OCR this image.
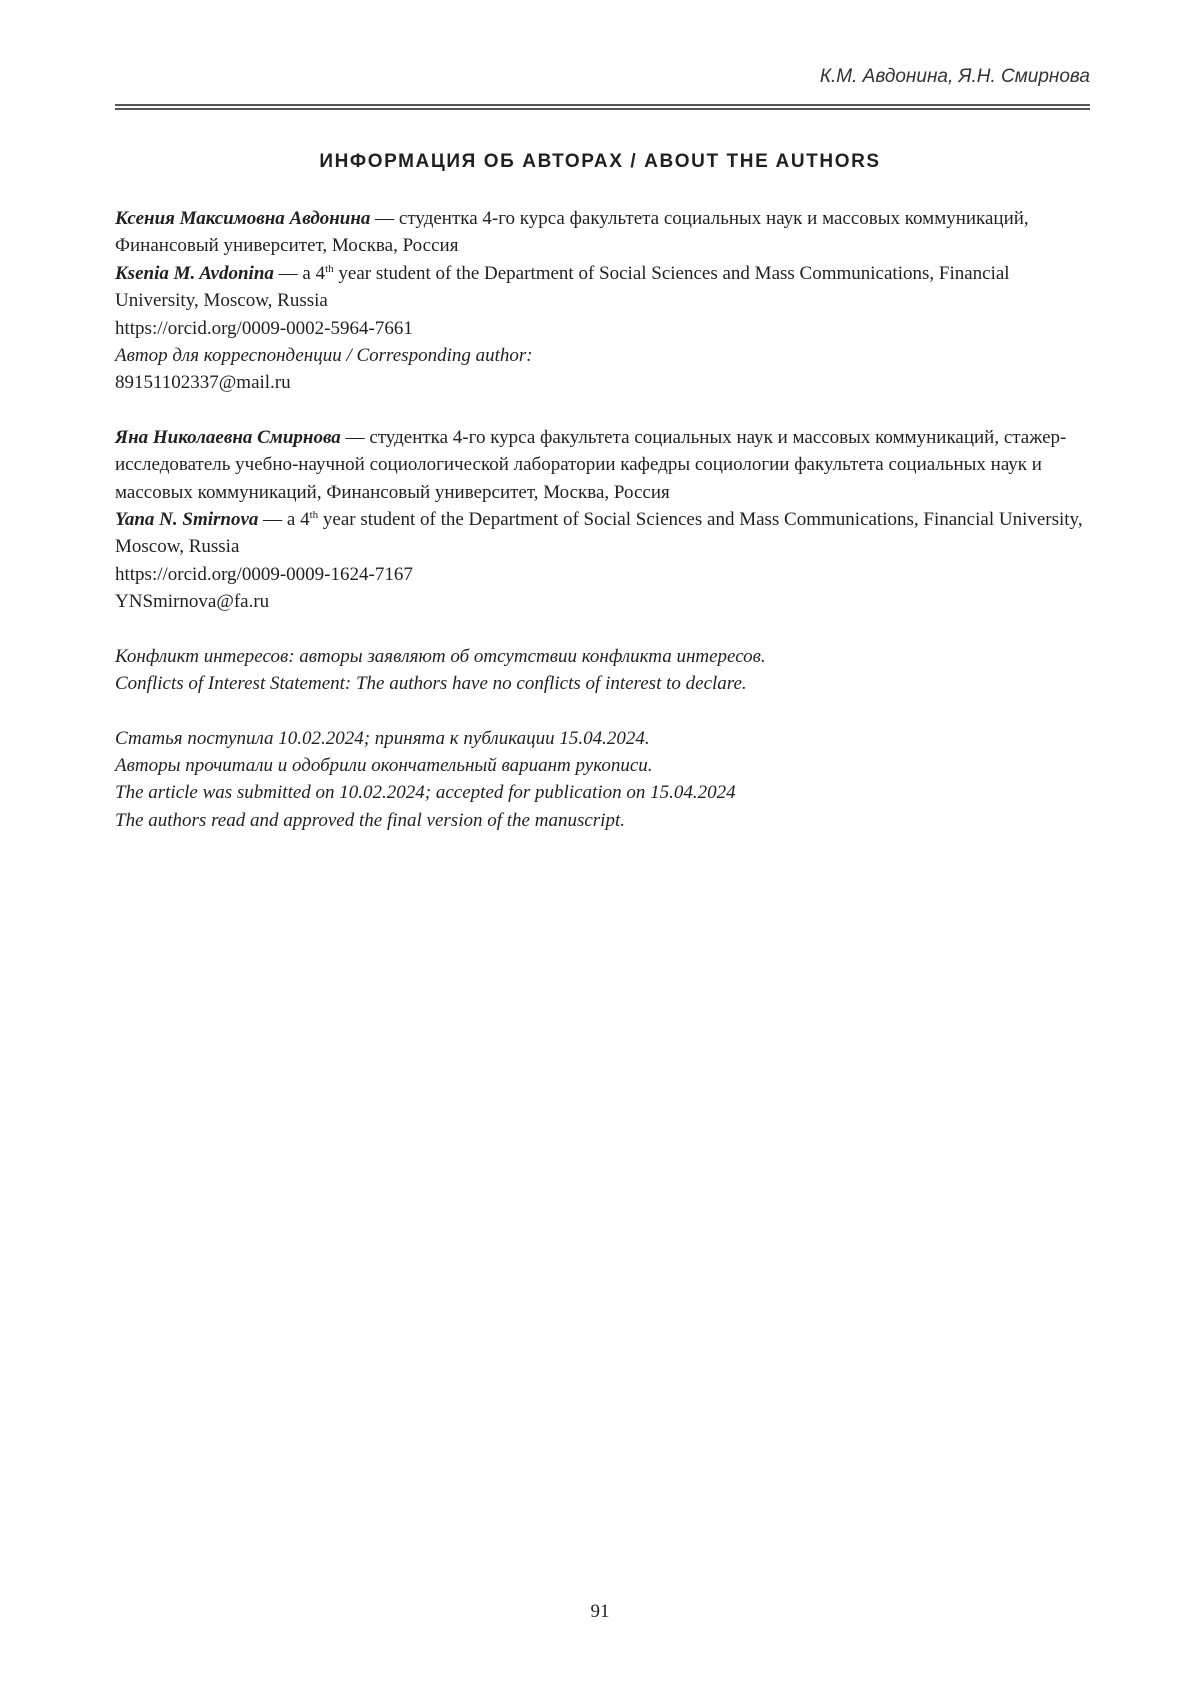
К.М. Авдонина, Я.Н. Смирнова
ИНФОРМАЦИЯ ОБ АВТОРАХ / ABOUT THE AUTHORS

Ксения Максимовна Авдонина — студентка 4-го курса факультета социальных наук и массовых коммуникаций, Финансовый университет, Москва, Россия

Ksenia M. Avdonina — a 4th year student of the Department of Social Sciences and Mass Communications, Financial University, Moscow, Russia

https://orcid.org/0009-0002-5964-7661

Автор для корреспонденции / Corresponding author:

89151102337@mail.ru

Яна Николаевна Смирнова — студентка 4-го курса факультета социальных наук и массовых коммуникаций, стажер-исследователь учебно-научной социологической лаборатории кафедры социологии факультета социальных наук и массовых коммуникаций, Финансовый университет, Москва, Россия

Yana N. Smirnova — a 4th year student of the Department of Social Sciences and Mass Communications, Financial University, Moscow, Russia

https://orcid.org/0009-0009-1624-7167

YNSmirnova@fa.ru

Конфликт интересов: авторы заявляют об отсутствии конфликта интересов.

Conflicts of Interest Statement: The authors have no conflicts of interest to declare.

Статья поступила 10.02.2024; принята к публикации 15.04.2024.

Авторы прочитали и одобрили окончательный вариант рукописи.

The article was submitted on 10.02.2024; accepted for publication on 15.04.2024

The authors read and approved the final version of the manuscript.

91
